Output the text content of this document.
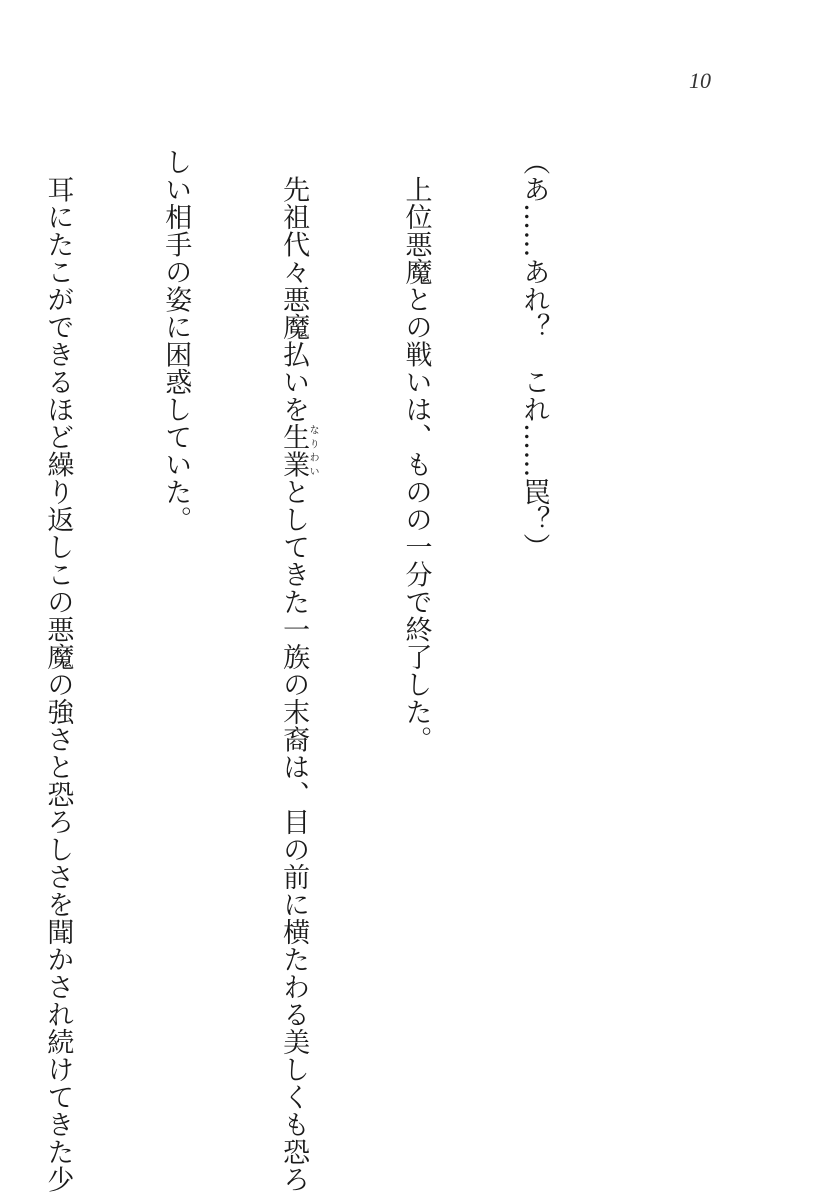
10

（あ……あれ？　これ……罠？）

　上位悪魔との戦いは、ものの一分で終了した。

　先祖代々悪魔払いを生業なりわいとしてきた一族の末裔は、目の前に横たわる美しくも恐ろ

しい相手の姿に困惑していた。

　耳にたこができるほど繰り返しこの悪魔の強さと恐ろしさを聞かされ続けてきた少
